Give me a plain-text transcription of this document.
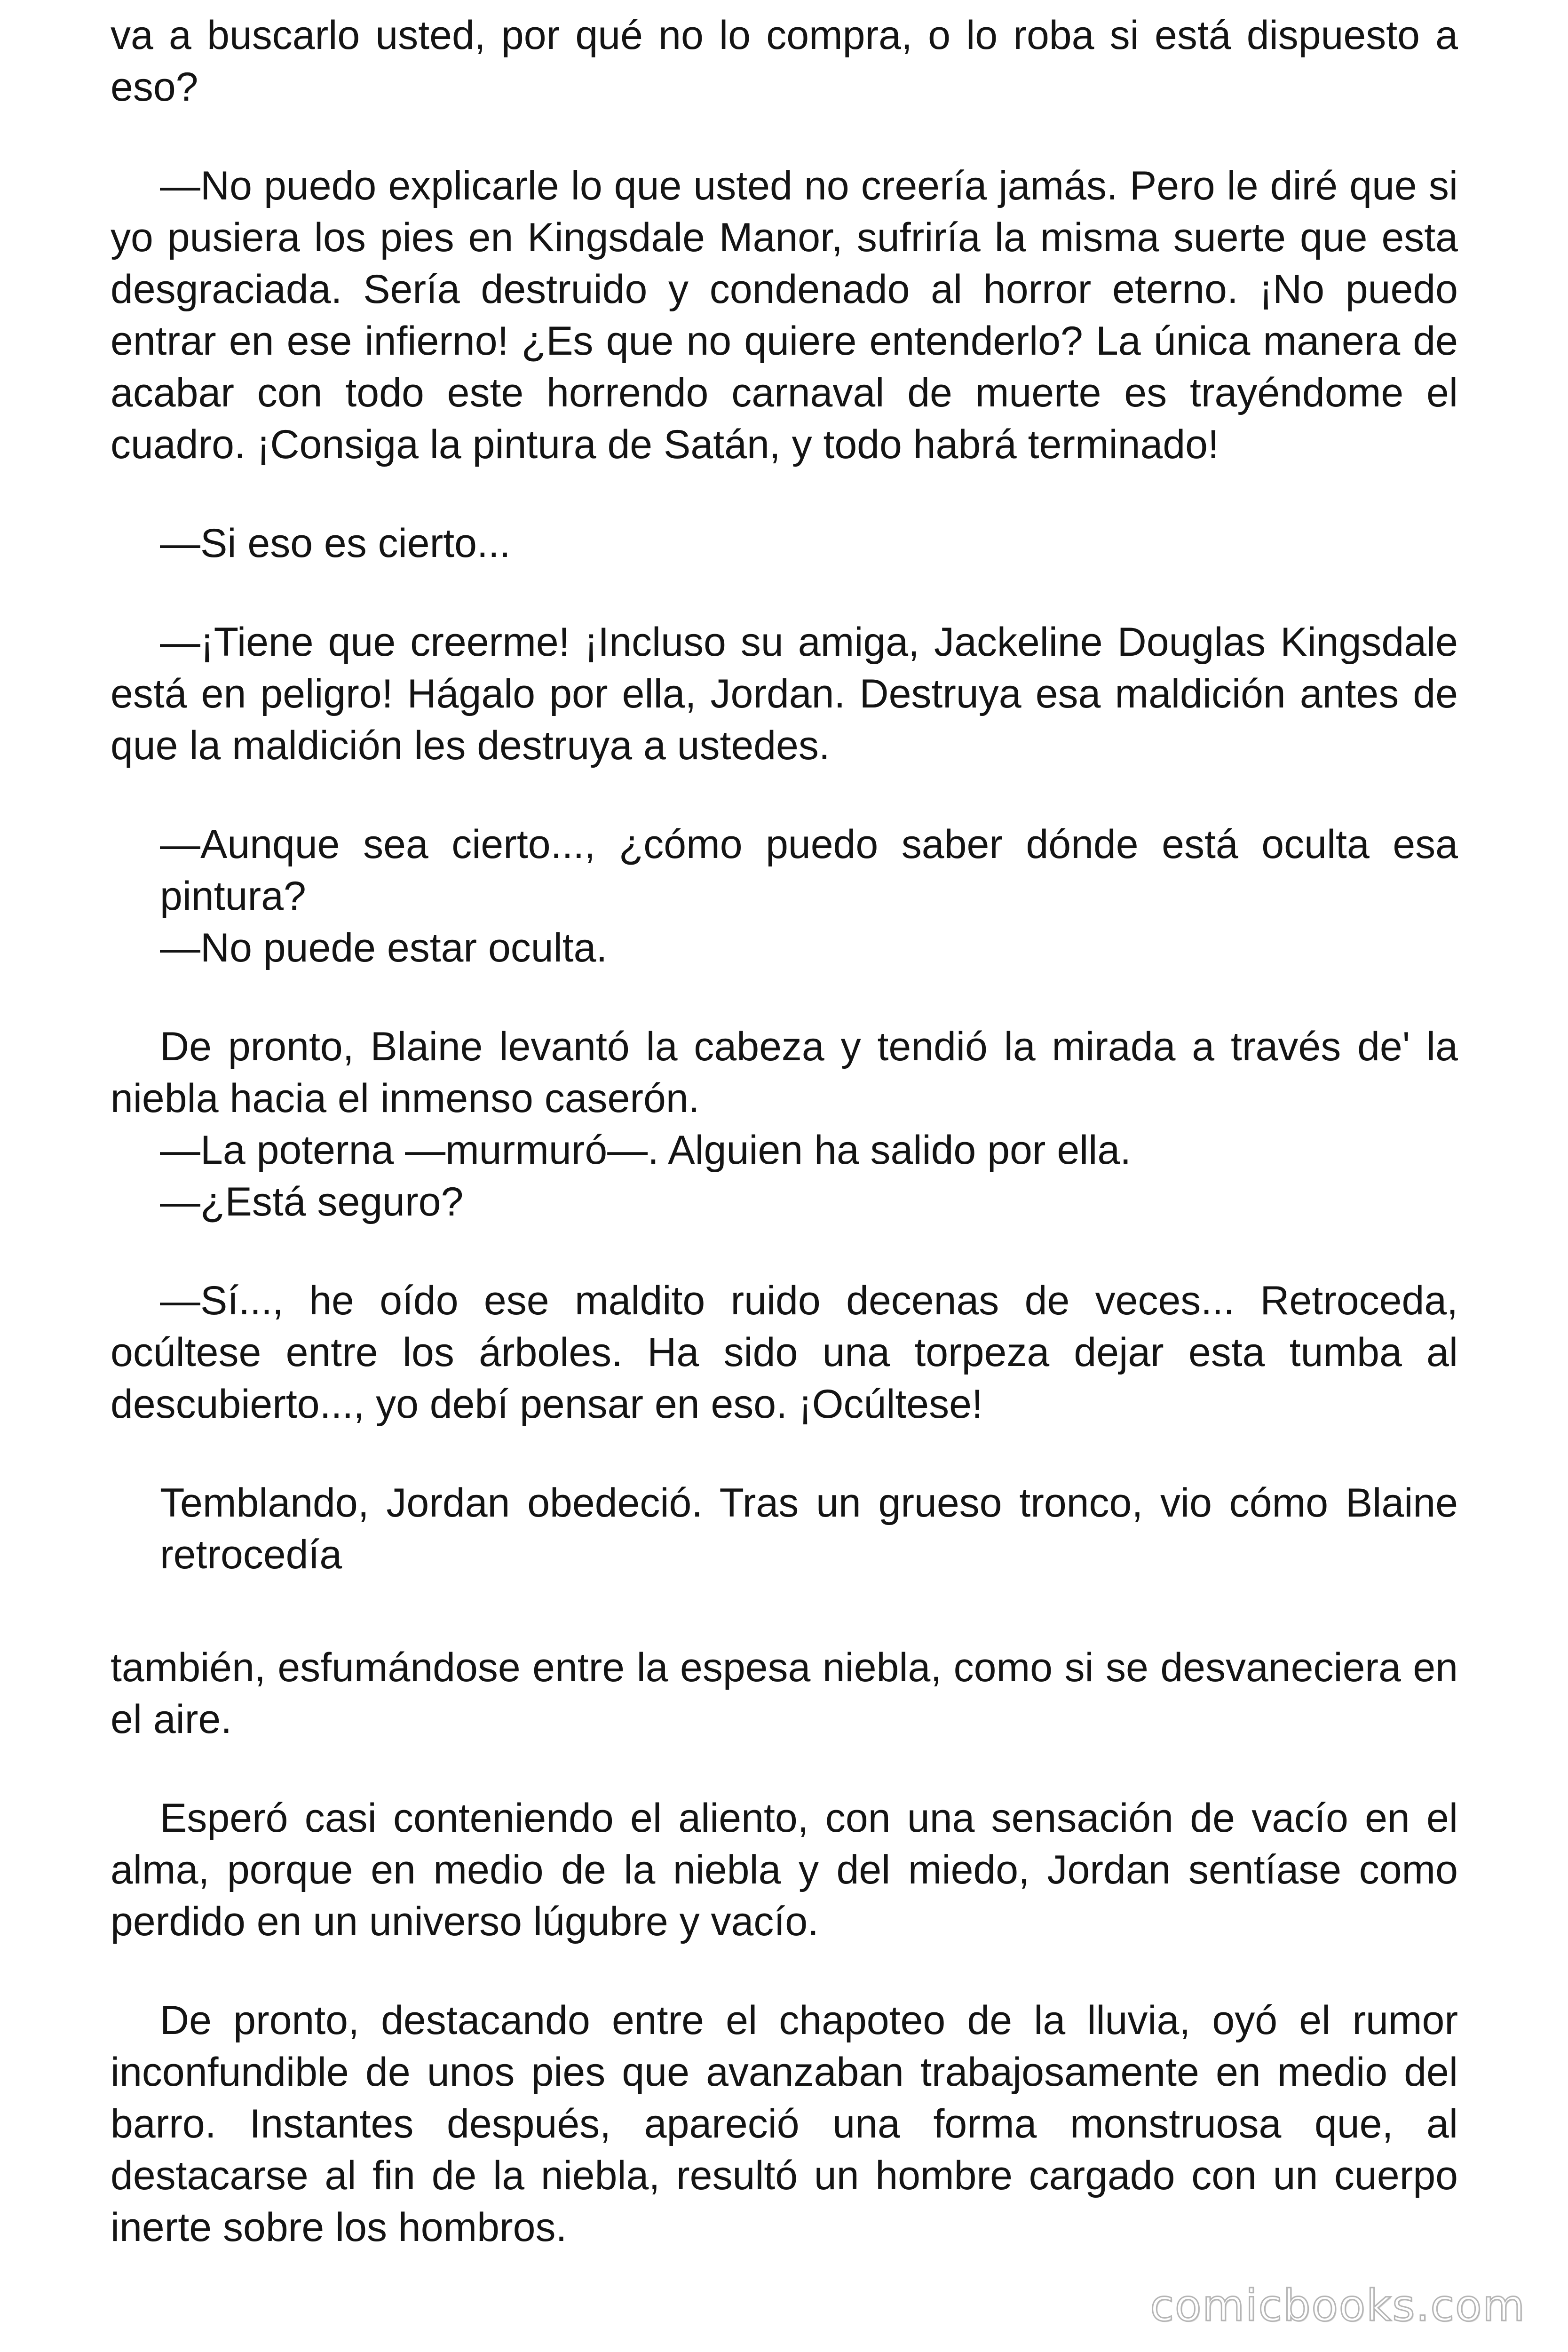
va a buscarlo usted, por qué no lo compra, o lo roba si está dispuesto a eso?

—No puedo explicarle lo que usted no creería jamás. Pero le diré que si yo pusiera los pies en Kingsdale Manor, sufriría la misma suerte que esta desgraciada. Sería destruido y condenado al horror eterno. ¡No puedo entrar en ese infierno! ¿Es que no quiere entenderlo? La única manera de acabar con todo este horrendo carnaval de muerte es trayéndome el cuadro. ¡Consiga la pintura de Satán, y todo habrá terminado!

—Si eso es cierto...

—¡Tiene que creerme! ¡Incluso su amiga, Jackeline Douglas Kingsdale está en peligro! Hágalo por ella, Jordan. Destruya esa maldición antes de que la maldición les destruya a ustedes.

—Aunque sea cierto..., ¿cómo puedo saber dónde está oculta esa pintura?

—No puede estar oculta.

De pronto, Blaine levantó la cabeza y tendió la mirada a través de' la niebla hacia el inmenso caserón.

—La poterna —murmuró—. Alguien ha salido por ella.

—¿Está seguro?

—Sí..., he oído ese maldito ruido decenas de veces... Retroceda, ocúltese entre los árboles. Ha sido una torpeza dejar esta tumba al descubierto..., yo debí pensar en eso. ¡Ocúltese!

Temblando, Jordan obedeció. Tras un grueso tronco, vio cómo Blaine retrocedía

también, esfumándose entre la espesa niebla, como si se desvaneciera en el aire.

Esperó casi conteniendo el aliento, con una sensación de vacío en el alma, porque en medio de la niebla y del miedo, Jordan sentíase como perdido en un universo lúgubre y vacío.

De pronto, destacando entre el chapoteo de la lluvia, oyó el rumor inconfundible de unos pies que avanzaban trabajosamente en medio del barro. Instantes después, apareció una forma monstruosa que, al destacarse al fin de la niebla, resultó un hombre cargado con un cuerpo inerte sobre los hombros.

comicbooks.com
